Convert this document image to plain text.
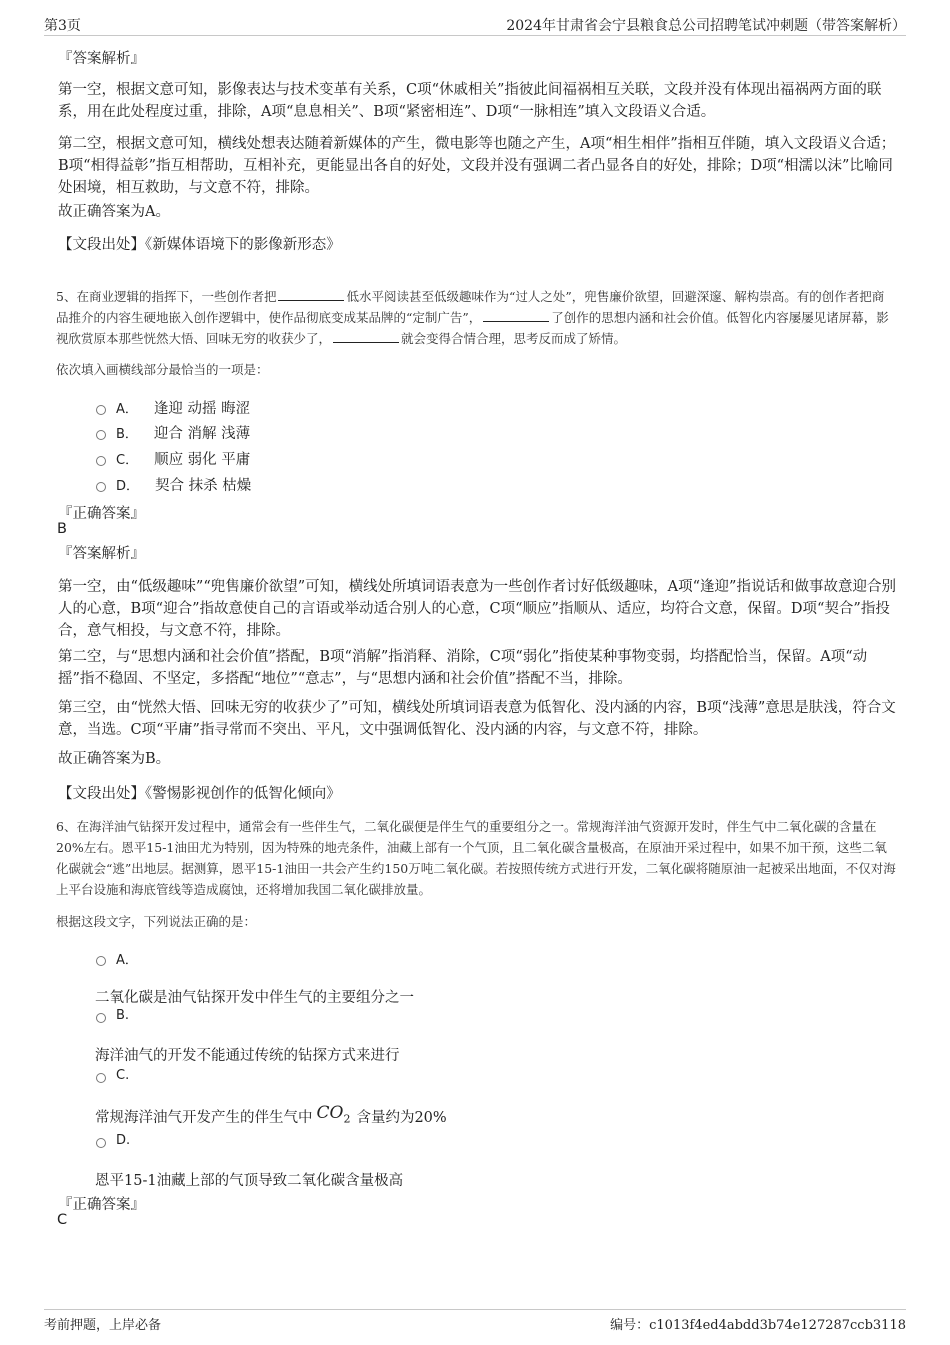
第3页	2024年甘肃省会宁县粮食总公司招聘笔试冲刺题（带答案解析）
『答案解析』
第一空，根据文意可知，影像表达与技术变革有关系，C项“休戚相关”指彼此间福祸相互关联，文段并没有体现出福祸两方面的联系，用在此处程度过重，排除，A项“息息相关”、B项“紧密相连”、D项“一脉相连”填入文段语义合适。
第二空，根据文意可知，横线处想表达随着新媒体的产生，微电影等也随之产生，A项“相生相伴”指相互伴随，填入文段语义合适；B项“相得益彰”指互相帮助，互相补充，更能显出各自的好处，文段并没有强调二者凸显各自的好处，排除；D项“相濡以沫”比喻同处困境，相互救助，与文意不符，排除。
故正确答案为A。
【文段出处】《新媒体语境下的影像新形态》
5、在商业逻辑的指挥下，一些创作者把	低水平阅读甚至低级趣味作为“过人之处”，兜售廉价欲望，回避深邃、解构崇高。有的创作者把商品推介的内容生硬地嵌入创作逻辑中，使作品彻底变成某品牌的“定制广告”，	了创作的思想内涵和社会价值。低智化内容屡屡见诸屏幕，影视欣赏原本那些恍然大悟、回味无穷的收获少了，	就会变得合情合理，思考反而成了矫情。
依次填入画横线部分最恰当的一项是：
A． 逢迎 动摇 晦涩
B． 迎合 消解 浅薄
C． 顺应 弱化 平庸
D． 契合 抹杀 枯燥
『正确答案』
B
『答案解析』
第一空，由“低级趣味”“兜售廉价欲望”可知，横线处所填词语表意为一些创作者讨好低级趣味，A项“逢迎”指说话和做事故意迎合别人的心意，B项“迎合”指故意使自己的言语或举动适合别人的心意，C项“顺应”指顺从、适应，均符合文意，保留。D项“契合”指投合，意气相投，与文意不符，排除。
第二空，与“思想内涵和社会价值”搭配，B项“消解”指消释、消除，C项“弱化”指使某种事物变弱，均搭配恰当，保留。A项“动摇”指不稳固、不坚定，多搭配“地位”“意志”，与“思想内涵和社会价值”搭配不当，排除。
第三空，由“恍然大悟、回味无穷的收获少了”可知，横线处所填词语表意为低智化、没内涵的内容，B项“浅薄”意思是肤浅，符合文意，当选。C项“平庸”指寻常而不突出、平凡，文中强调低智化、没内涵的内容，与文意不符，排除。
故正确答案为B。
【文段出处】《警惕影视创作的低智化倾向》
6、在海洋油气钻探开发过程中，通常会有一些伴生气，二氧化碳便是伴生气的重要组分之一。常规海洋油气资源开发时，伴生气中二氧化碳的含量在20%左右。恩平15-1油田尤为特别，因为特殊的地壳条件，油藏上部有一个气顶，且二氧化碳含量极高，在原油开采过程中，如果不加干预，这些二氧化碳就会“逃”出地层。据测算，恩平15-1油田一共会产生约150万吨二氧化碳。若按照传统方式进行开发，二氧化碳将随原油一起被采出地面，不仅对海上平台设施和海底管线等造成腐蚀，还将增加我国二氧化碳排放量。
根据这段文字，下列说法正确的是：
A．
二氧化碳是油气钻探开发中伴生气的主要组分之一
B.
海洋油气的开发不能通过传统的钻探方式来进行
C.
常规海洋油气开发产生的伴生气中 $CO_2$ 含量约为20%
D.
恩平15-1油藏上部的气顶导致二氧化碳含量极高
『正确答案』
C
考前押题，上岸必备	编号：c1013f4ed4abdd3b74e127287ccb3118
